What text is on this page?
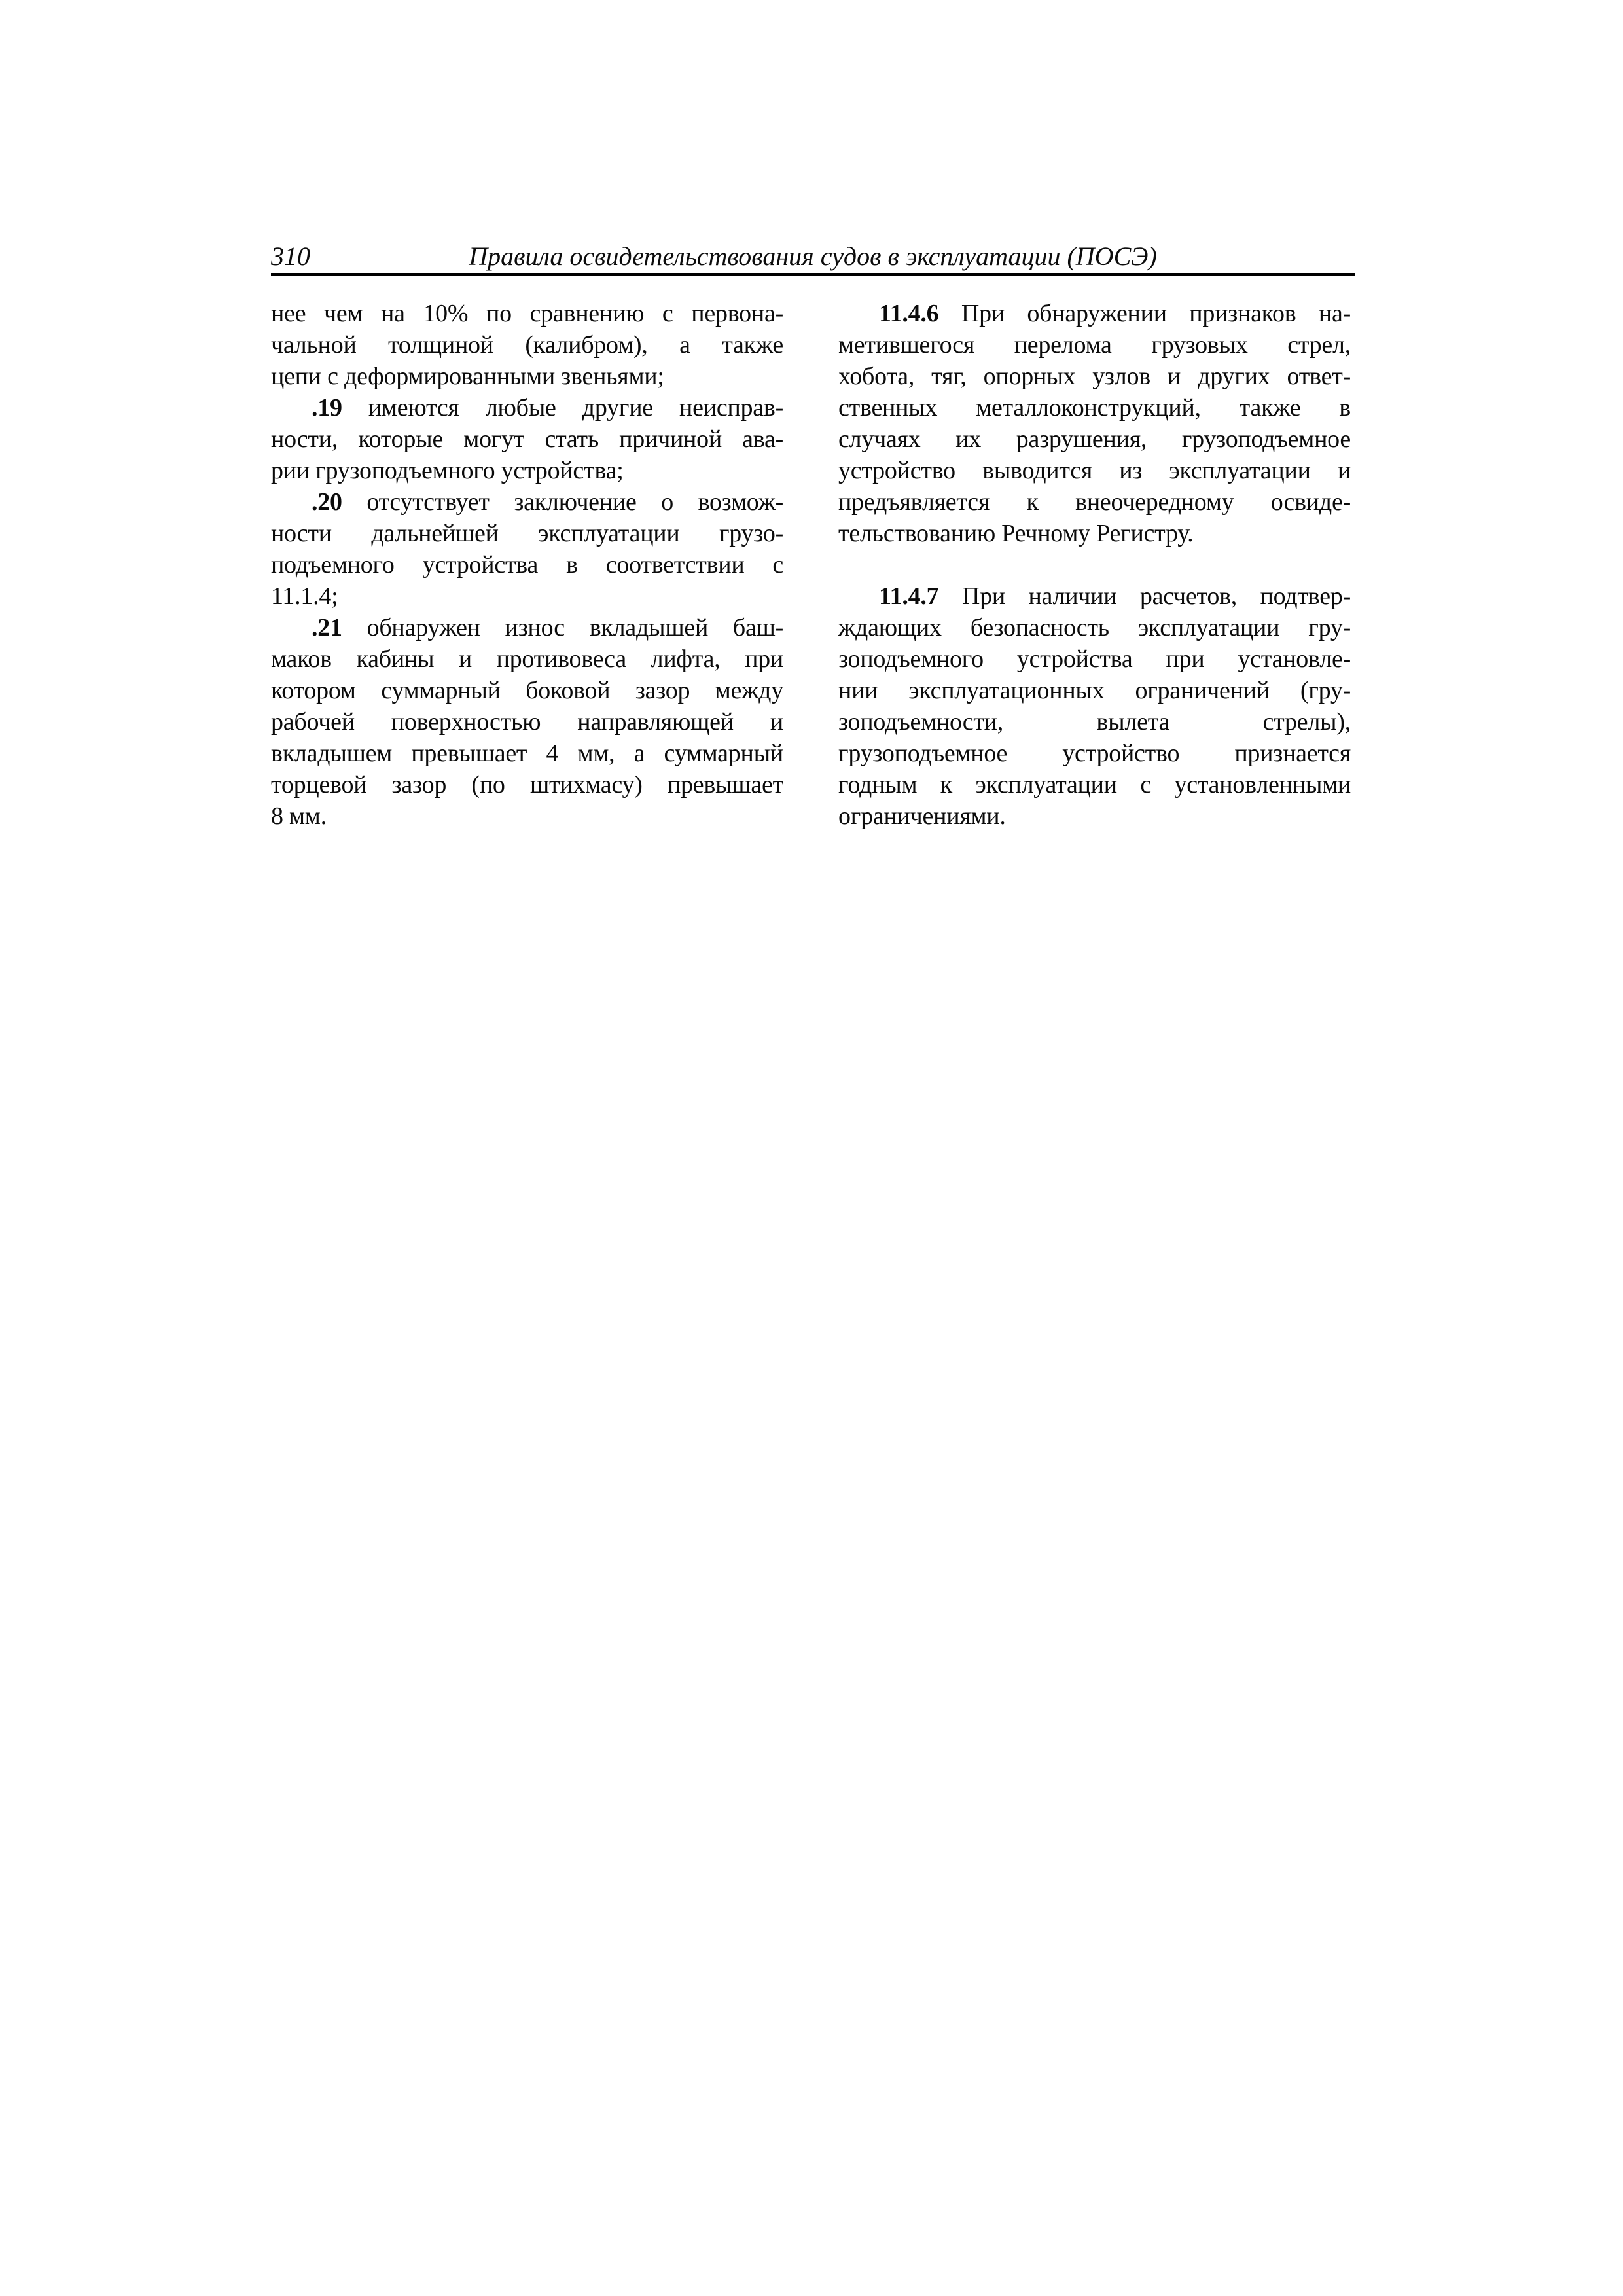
310	Правила освидетельствования судов в эксплуатации (ПОСЭ)
нее чем на 10% по сравнению с первона-
чальной толщиной (калибром), а также
цепи с деформированными звеньями;
.19 имеются любые другие неисправ-
ности, которые могут стать причиной ава-
рии грузоподъемного устройства;
.20 отсутствует заключение о возмож-
ности дальнейшей эксплуатации грузо-
подъемного устройства в соответствии с
11.1.4;
.21 обнаружен износ вкладышей баш-
маков кабины и противовеса лифта, при
котором суммарный боковой зазор между
рабочей поверхностью направляющей и
вкладышем превышает 4 мм, а суммарный
торцевой зазор (по штихмасу) превышает
8 мм.
11.4.6 При обнаружении признаков на-
метившегося перелома грузовых стрел,
хобота, тяг, опорных узлов и других ответ-
ственных металлоконструкций, также в
случаях их разрушения, грузоподъемное
устройство выводится из эксплуатации и
предъявляется к внеочередному освиде-
тельствованию Речному Регистру.
11.4.7 При наличии расчетов, подтвер-
ждающих безопасность эксплуатации гру-
зоподъемного устройства при установле-
нии эксплуатационных ограничений (гру-
зоподъемности, вылета стрелы),
грузоподъемное устройство признается
годным к эксплуатации с установленными
ограничениями.
